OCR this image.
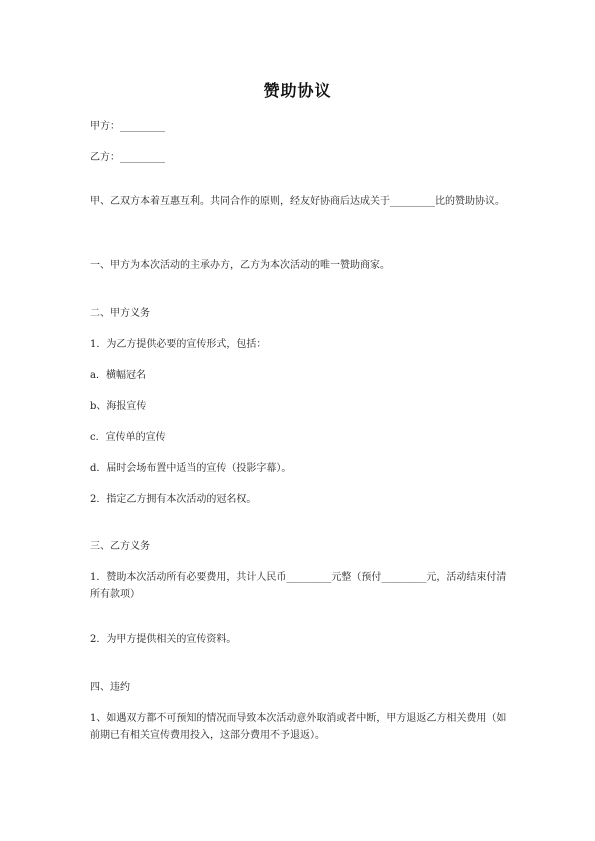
赞助协议
甲方：_________
乙方：_________
甲、乙双方本着互惠互利。共同合作的原则，经友好协商后达成关于_________比的赞助协议。
一、甲方为本次活动的主承办方，乙方为本次活动的唯一赞助商家。
二、甲方义务
1．为乙方提供必要的宣传形式，包括：
a．横幅冠名
b、海报宣传
c．宣传单的宣传
d．届时会场布置中适当的宣传（投影字幕）。
2．指定乙方拥有本次活动的冠名权。
三、乙方义务
1．赞助本次活动所有必要费用，共计人民币_________元整（预付_________元，活动结束付清所有款项）
2．为甲方提供相关的宣传资料。
四、违约
1、如遇双方都不可预知的情况而导致本次活动意外取消或者中断，甲方退返乙方相关费用（如前期已有相关宣传费用投入，这部分费用不予退返）。
